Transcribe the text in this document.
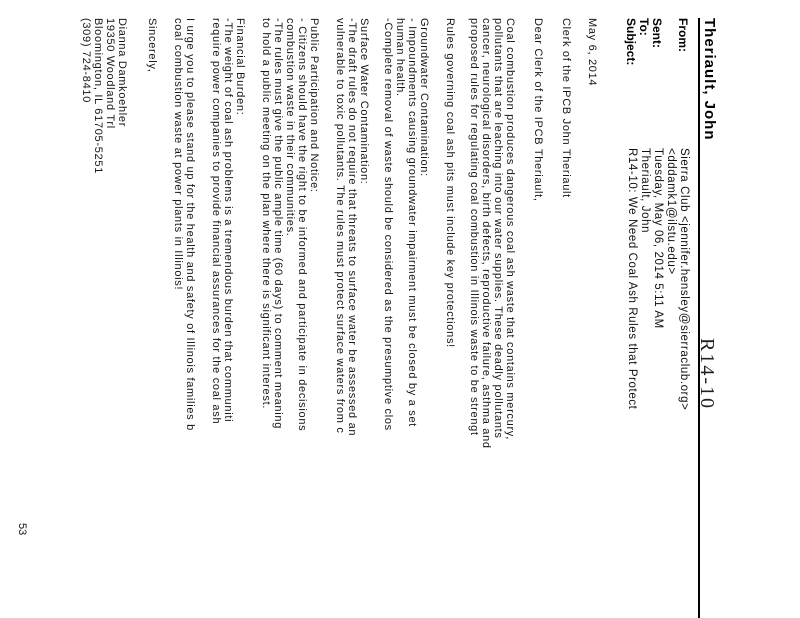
Theriault, John
From:
Sierra Club <jennifer.hensley@sierraclub.org>
<dddamk1@ilstu.edu>
Sent:
Tuesday, May 06, 2014 5:11 AM
To:
Theriault, John
Subject:
R14-10: We Need Coal Ash Rules that Protect	R14-10
May 6, 2014
Clerk of the IPCB John Theriault
Dear Clerk of the IPCB Theriault,
Coal combustion produces dangerous coal ash waste that contains mercury,
pollutants that are leaching into our water supplies. These deadly pollutants
cancer, neurological disorders, birth defects, reproductive failure, asthma and
proposed rules for regulating coal combustion in Illinois waste to be strengt
Rules governing coal ash pits must include key protections!
Groundwater Contamination:
- Impoundments causing groundwater impairment must be closed by a set
human health.
-Complete removal of waste should be considered as the presumptive clos
Surface Water Contamination:
-The draft rules do not require that threats to surface water be assessed an
vulnerable to toxic pollutants. The rules must protect surface waters from c
Public Participation and Notice:
- Citizens should have the right to be informed and participate in decisions
combustion waste in their communities.
-The rules must give the public ample time (60 days) to comment meaning
to hold a public meeting on the plan where there is significant interest.
Financial Burden:
-The weight of coal ash problems is a tremendous burden that communiti
require power companies to provide financial assurances for the coal ash
I urge you to please stand up for the health and safety of Illinois families b
coal combustion waste at power plants in Illinois!
Sincerely,
Dianna Damkoehler
19350 Woodland Trl
Bloomington, IL 61705-5251
(309) 724-8410
53
